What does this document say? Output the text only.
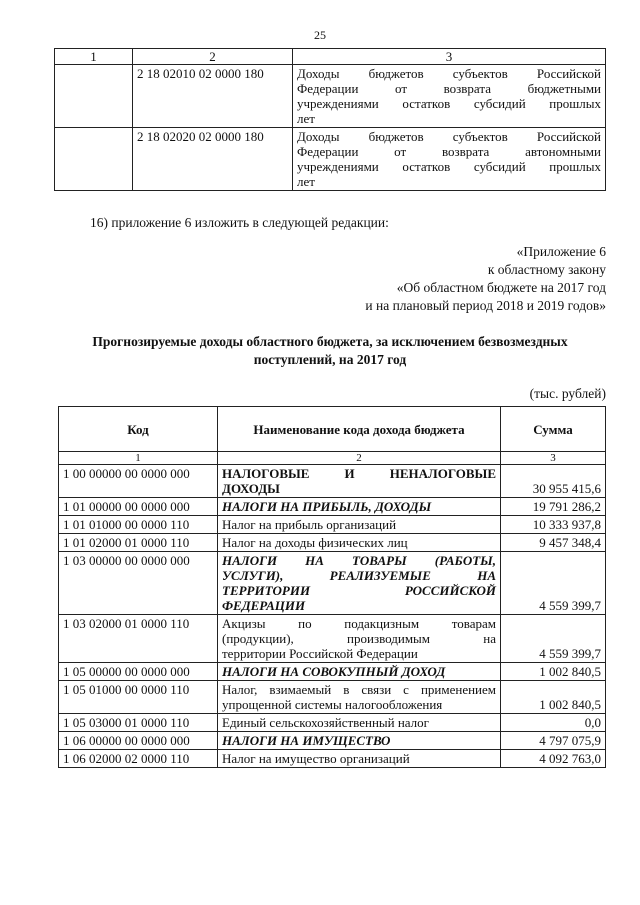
25
1	2	3
	2 18 02010 02 0000 180	Доходы бюджетов субъектов Российской
Федерации от возврата бюджетными
учреждениями остатков субсидий прошлых
лет

	2 18 02020 02 0000 180	Доходы бюджетов субъектов Российской
Федерации от возврата автономными
учреждениями остатков субсидий прошлых
лет
16) приложение 6 изложить в следующей редакции:
«Приложение 6
к областному закону
«Об областном бюджете на 2017 год
и на плановый период 2018 и 2019 годов»
Прогнозируемые доходы областного бюджета, за исключением безвозмездных
поступлений, на 2017 год
(тыс. рублей)
Код	Наименование кода дохода бюджета	Сумма
1	2	3
1 00 00000 00 0000 000	НАЛОГОВЫЕ И НЕНАЛОГОВЫЕ
ДОХОДЫ	30 955 415,6
1 01 00000 00 0000 000	НАЛОГИ НА ПРИБЫЛЬ, ДОХОДЫ	19 791 286,2
1 01 01000 00 0000 110	Налог на прибыль организаций	10 333 937,8
1 01 02000 01 0000 110	Налог на доходы физических лиц	9 457 348,4
1 03 00000 00 0000 000	НАЛОГИ НА ТОВАРЫ (РАБОТЫ,
УСЛУГИ), РЕАЛИЗУЕМЫЕ НА
ТЕРРИТОРИИ РОССИЙСКОЙ
ФЕДЕРАЦИИ	4 559 399,7
1 03 02000 01 0000 110	Акцизы по подакцизным товарам
(продукции), производимым на
территории Российской Федерации	4 559 399,7
1 05 00000 00 0000 000	НАЛОГИ НА СОВОКУПНЫЙ ДОХОД	1 002 840,5
1 05 01000 00 0000 110	Налог, взимаемый в связи с применением
упрощенной системы налогообложения	1 002 840,5
1 05 03000 01 0000 110	Единый сельскохозяйственный налог	0,0
1 06 00000 00 0000 000	НАЛОГИ НА ИМУЩЕСТВО	4 797 075,9
1 06 02000 02 0000 110	Налог на имущество организаций	4 092 763,0
